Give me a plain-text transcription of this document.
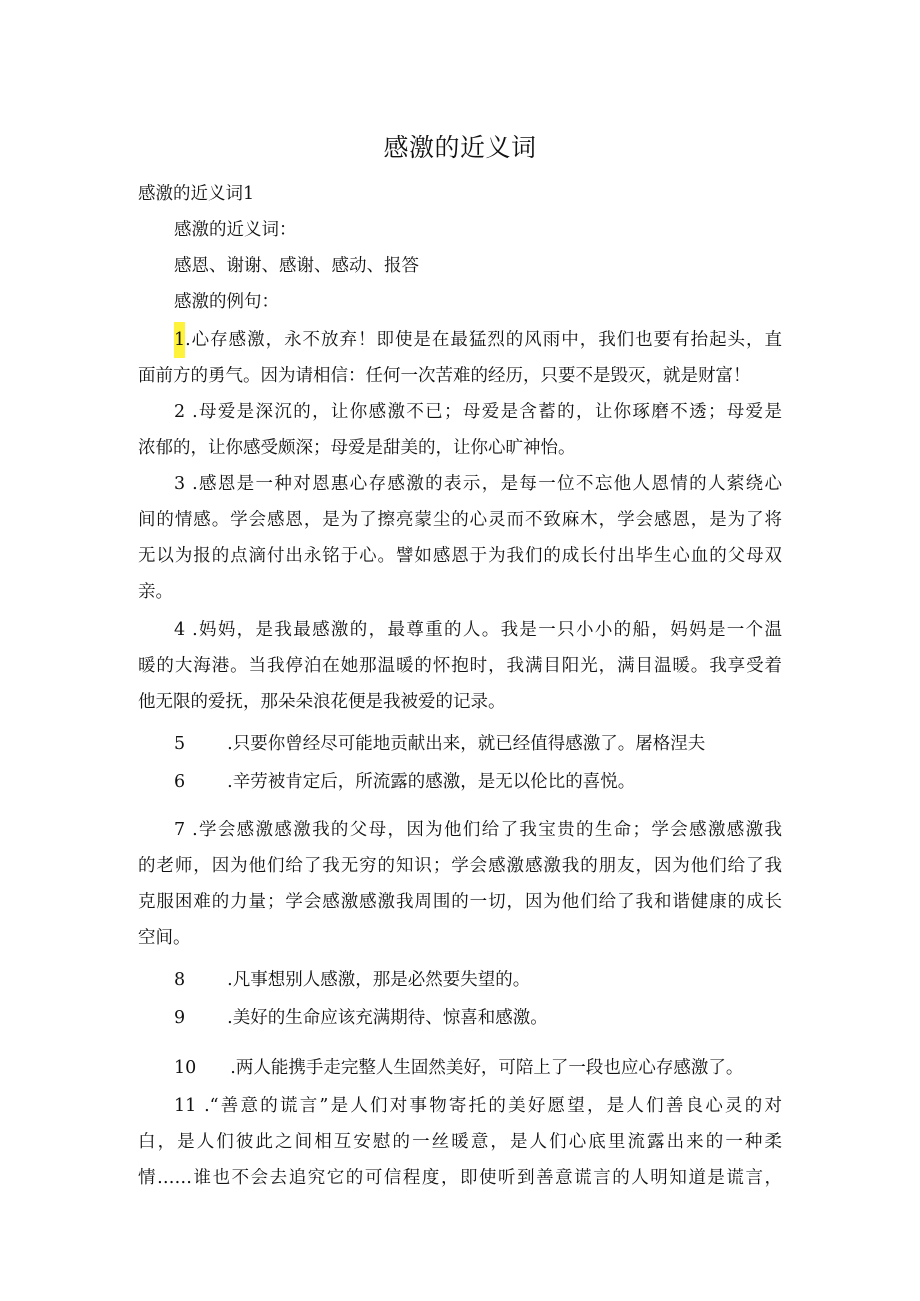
感激的近义词
感激的近义词1
感激的近义词：
感恩、谢谢、感谢、感动、报答
感激的例句：
1.心存感激，永不放弃！即使是在最猛烈的风雨中，我们也要有抬起头，直
面前方的勇气。因为请相信：任何一次苦难的经历，只要不是毁灭，就是财富！
2 .母爱是深沉的，让你感激不已；母爱是含蓄的，让你琢磨不透；母爱是
浓郁的，让你感受颇深；母爱是甜美的，让你心旷神怡。
3 .感恩是一种对恩惠心存感激的表示，是每一位不忘他人恩情的人萦绕心
间的情感。学会感恩，是为了擦亮蒙尘的心灵而不致麻木，学会感恩，是为了将
无以为报的点滴付出永铭于心。譬如感恩于为我们的成长付出毕生心血的父母双
亲。
4 .妈妈，是我最感激的，最尊重的人。我是一只小小的船，妈妈是一个温
暖的大海港。当我停泊在她那温暖的怀抱时，我满目阳光，满目温暖。我享受着
他无限的爱抚，那朵朵浪花便是我被爱的记录。
5 .只要你曾经尽可能地贡献出来，就已经值得感激了。屠格涅夫
6 .辛劳被肯定后，所流露的感激，是无以伦比的喜悦。
7 .学会感激感激我的父母，因为他们给了我宝贵的生命；学会感激感激我
的老师，因为他们给了我无穷的知识；学会感激感激我的朋友，因为他们给了我
克服困难的力量；学会感激感激我周围的一切，因为他们给了我和谐健康的成长
空间。
8 .凡事想别人感激，那是必然要失望的。
9 .美好的生命应该充满期待、惊喜和感激。
10 .两人能携手走完整人生固然美好，可陪上了一段也应心存感激了。
11 .“善意的谎言”是人们对事物寄托的美好愿望，是人们善良心灵的对
白，是人们彼此之间相互安慰的一丝暖意，是人们心底里流露出来的一种柔
情……谁也不会去追究它的可信程度，即使听到善意谎言的人明知道是谎言，
